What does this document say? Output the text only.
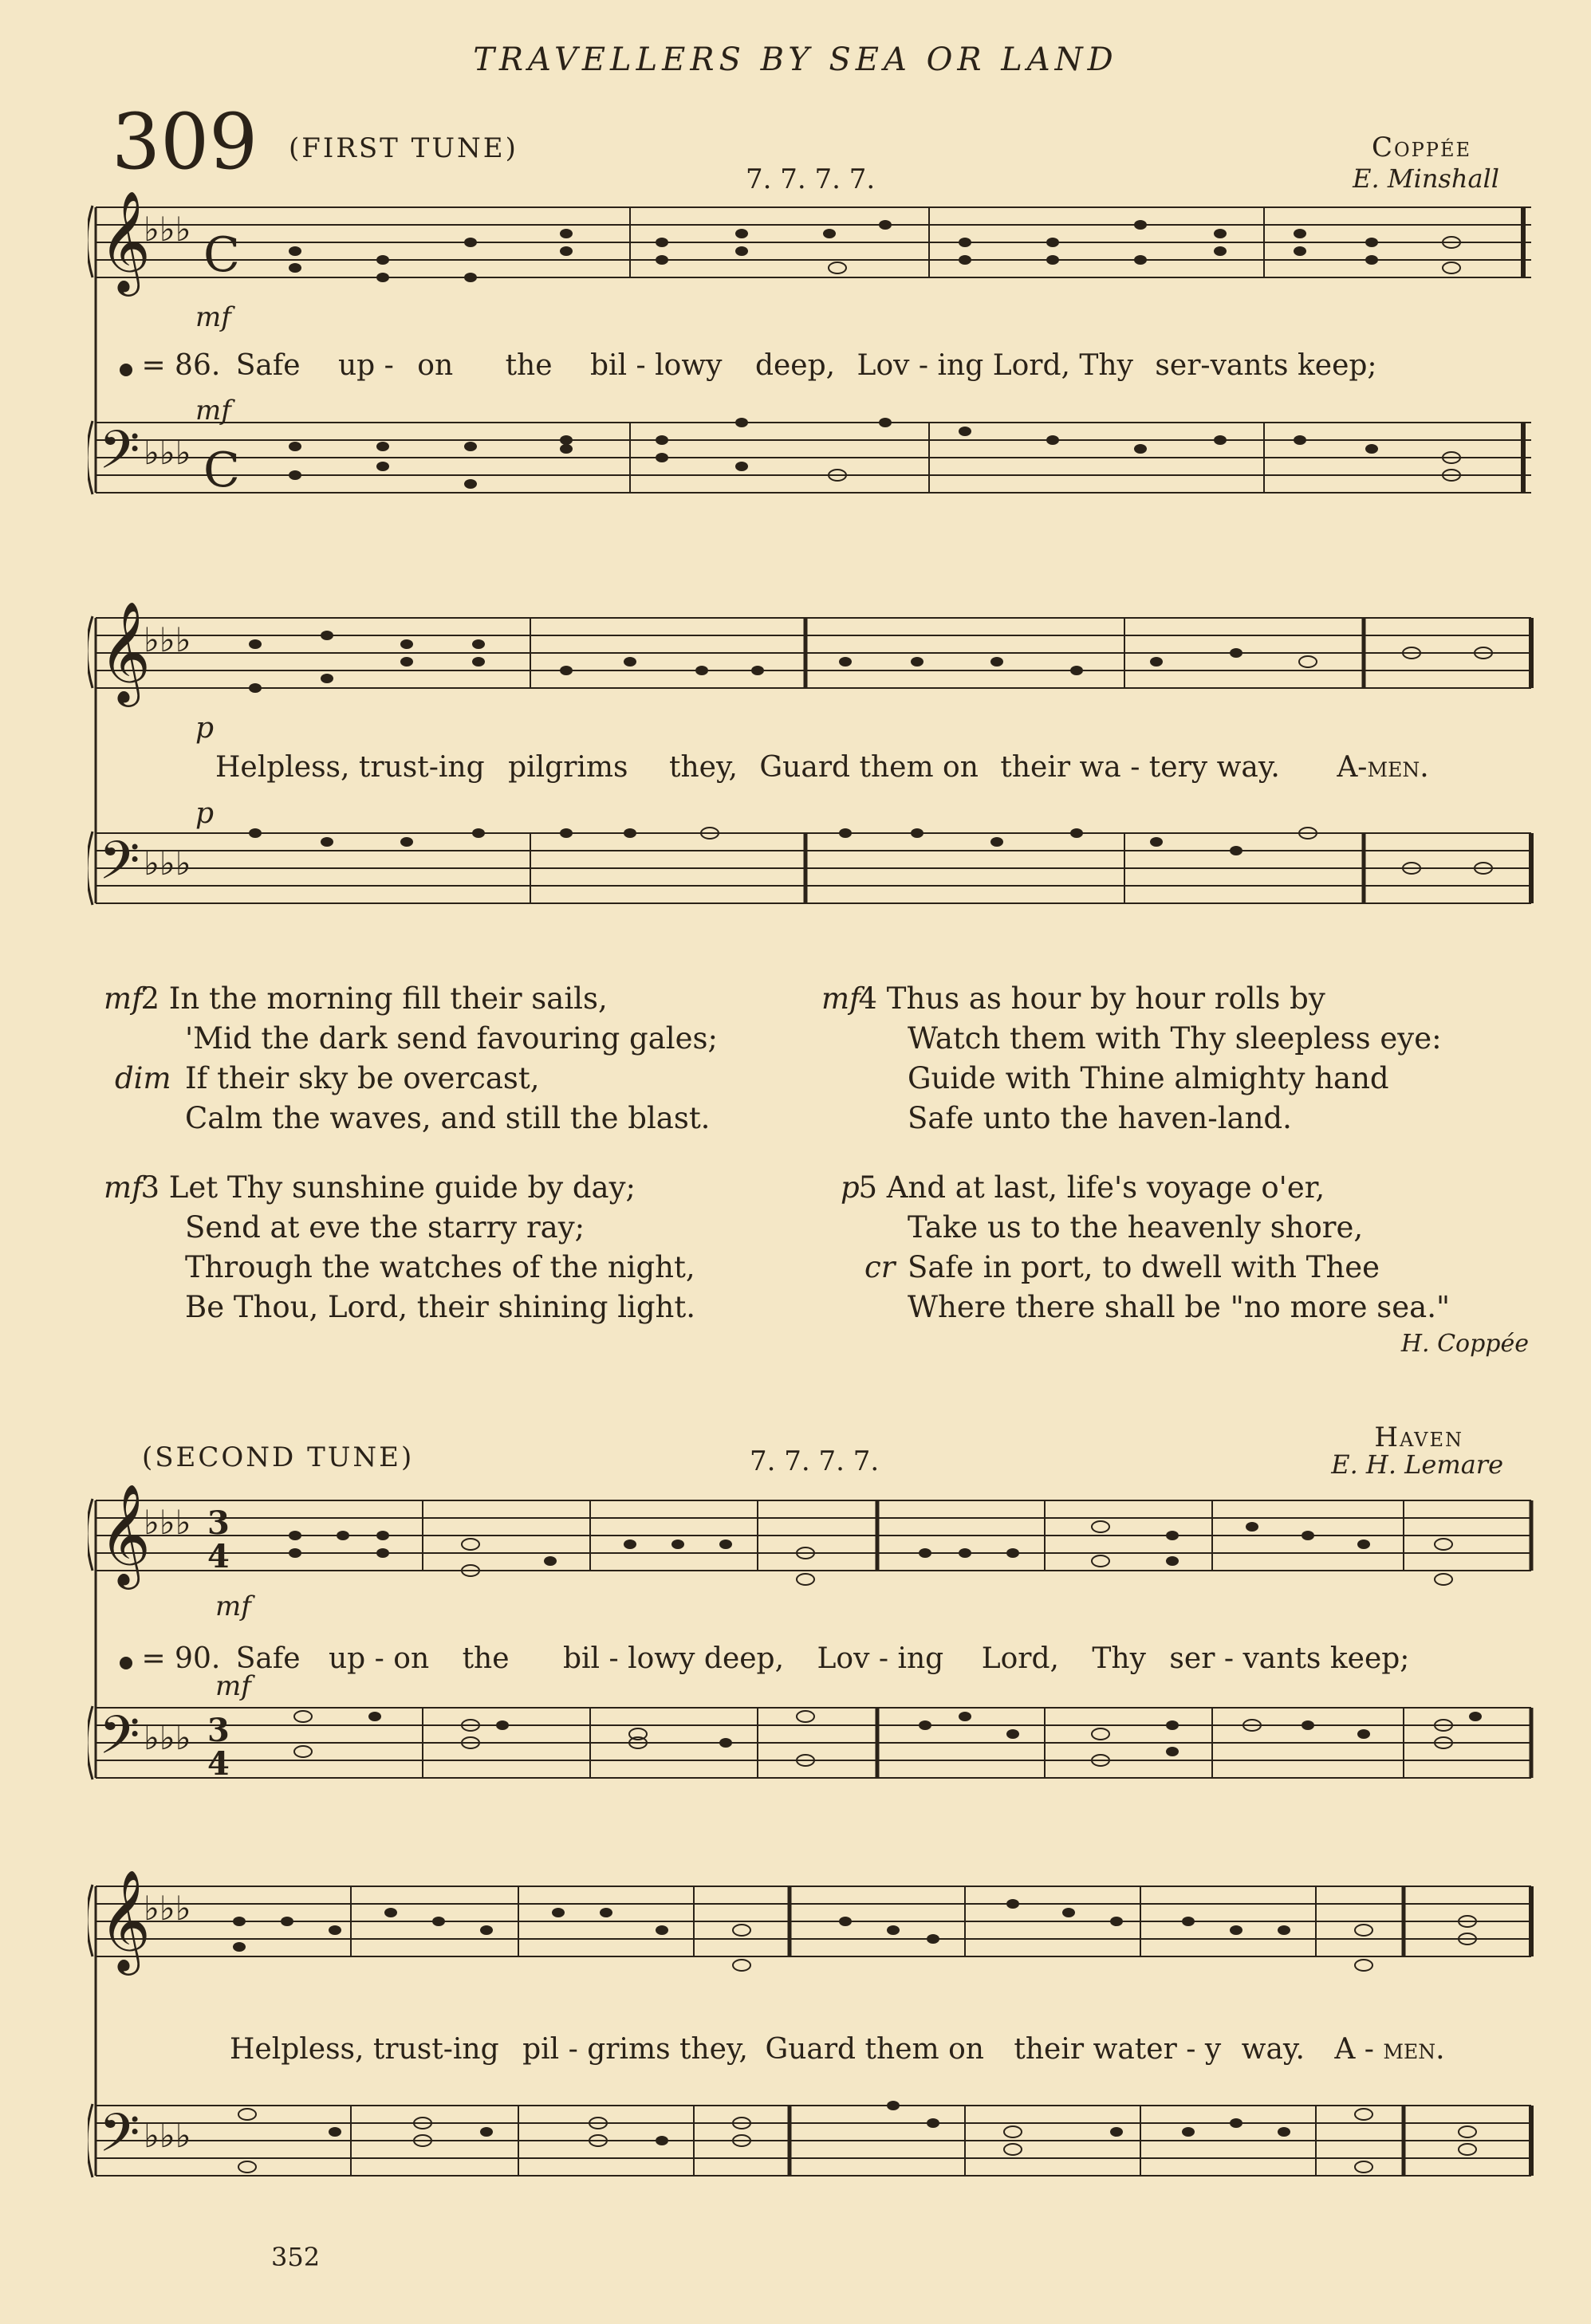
TRAVELLERS BY SEA OR LAND
309 (FIRST TUNE)
7. 7. 7. 7.
Coppée
E. Minshall
𝄞
𝄢
♭♭♭
♭♭♭
C
C
mf
mf
= 86. Safe up - on the bil - lowy deep, Lov - ing Lord, Thy ser-vants keep;
𝄞
𝄢
♭♭♭
♭♭♭
p
p
Helpless, trust-ing pilgrims they, Guard them on their wa - tery way. A-men.
mf
2 In the morning fill their sails,
'Mid the dark send favouring gales;
dim If their sky be overcast,
Calm the waves, and still the blast.
mf
3 Let Thy sunshine guide by day;
Send at eve the starry ray;
Through the watches of the night,
Be Thou, Lord, their shining light.
mf
4 Thus as hour by hour rolls by
Watch them with Thy sleepless eye:
Guide with Thine almighty hand
Safe unto the haven-land.
p
5 And at last, life's voyage o'er,
Take us to the heavenly shore,
cr Safe in port, to dwell with Thee
Where there shall be "no more sea."
H. Coppée
(SECOND TUNE)	7. 7. 7. 7.
Haven
E. H. Lemare
𝄞
𝄢
♭♭♭
♭♭♭
3
4
3
4
mf
mf
= 90. Safe up - on the bil - lowy deep, Lov - ing Lord, Thy ser - vants keep;
𝄞
𝄢
♭♭♭
♭♭♭
Helpless, trust-ing pil - grims they, Guard them on their water - y way. A - men.
352
